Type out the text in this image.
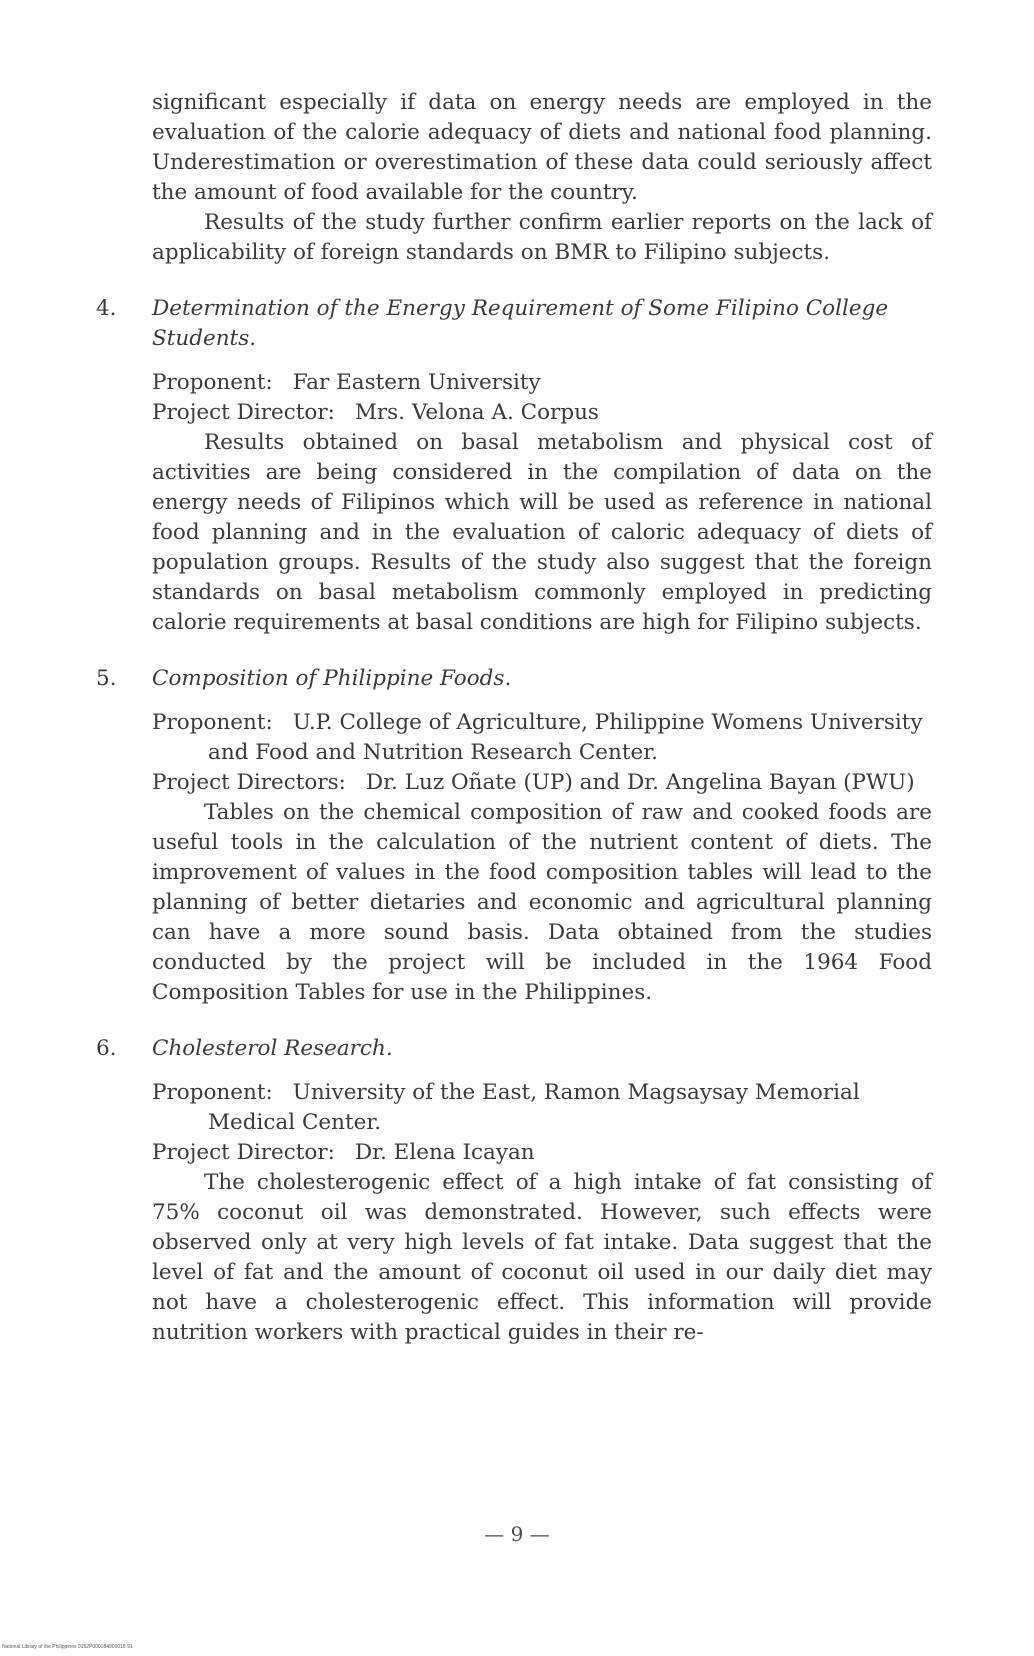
significant especially if data on energy needs are employed in the evaluation of the calorie adequacy of diets and national food planning. Underestimation or overestimation of these data could seriously affect the amount of food available for the country.

Results of the study further confirm earlier reports on the lack of applicability of foreign standards on BMR to Filipino subjects.

4.	Determination of the Energy Requirement of Some Filipino College Students.

Proponent: Far Eastern University

Project Director: Mrs. Velona A. Corpus

Results obtained on basal metabolism and physical cost of activities are being considered in the compilation of data on the energy needs of Filipinos which will be used as reference in national food planning and in the evaluation of caloric adequacy of diets of population groups. Results of the study also suggest that the foreign standards on basal metabolism commonly employed in predicting calorie requirements at basal conditions are high for Filipino subjects.

5.	Composition of Philippine Foods.

Proponent: U.P. College of Agriculture, Philippine Womens University and Food and Nutrition Research Center.

Project Directors: Dr. Luz Oñate (UP) and Dr. Angelina Bayan (PWU)

Tables on the chemical composition of raw and cooked foods are useful tools in the calculation of the nutrient content of diets. The improvement of values in the food composition tables will lead to the planning of better dietaries and economic and agricultural planning can have a more sound basis. Data obtained from the studies conducted by the project will be included in the 1964 Food Composition Tables for use in the Philippines.

6.	Cholesterol Research.

Proponent: University of the East, Ramon Magsaysay Memorial Medical Center.

Project Director: Dr. Elena Icayan

The cholesterogenic effect of a high intake of fat consisting of 75% coconut oil was demonstrated. However, such effects were observed only at very high levels of fat intake. Data suggest that the level of fat and the amount of coconut oil used in our daily diet may not have a cholesterogenic effect. This information will provide nutrition workers with practical guides in their re-

— 9 —
National Library of the Philippines 0152P000184900018 91
